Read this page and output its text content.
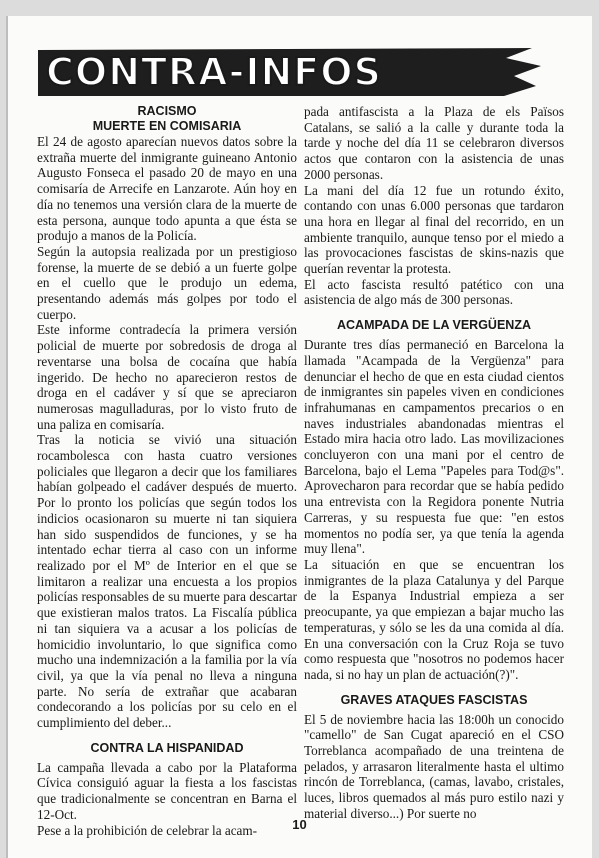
CONTRA-INFOS
RACISMO
MUERTE EN COMISARIA

El 24 de agosto aparecían nuevos datos sobre la extraña muerte del inmigrante guineano Antonio Augusto Fonseca el pasado 20 de mayo en una comisaría de Arrecife en Lanzarote. Aún hoy en día no tenemos una versión clara de la muerte de esta persona, aunque todo apunta a que ésta se produjo a manos de la Policía.

Según la autopsia realizada por un prestigioso forense, la muerte de se debió a un fuerte golpe en el cuello que le produjo un edema, presentando además más golpes por todo el cuerpo.

Este informe contradecía la primera versión policial de muerte por sobredosis de droga al reventarse una bolsa de cocaína que había ingerido. De hecho no aparecieron restos de droga en el cadáver y sí que se apreciaron numerosas magulladuras, por lo visto fruto de una paliza en comisaría.

Tras la noticia se vivió una situación rocambolesca con hasta cuatro versiones policiales que llegaron a decir que los familiares habían golpeado el cadáver después de muerto. Por lo pronto los policías que según todos los indicios ocasionaron su muerte ni tan siquiera han sido suspendidos de funciones, y se ha intentado echar tierra al caso con un informe realizado por el Mº de Interior en el que se limitaron a realizar una encuesta a los propios policías responsables de su muerte para descartar que existieran malos tratos. La Fiscalía pública ni tan siquiera va a acusar a los policías de homicidio involuntario, lo que significa como mucho una indemnización a la familia por la vía civil, ya que la vía penal no lleva a ninguna parte. No sería de extrañar que acabaran condecorando a los policías por su celo en el cumplimiento del deber...

CONTRA LA HISPANIDAD

La campaña llevada a cabo por la Plataforma Cívica consiguió aguar la fiesta a los fascistas que tradicionalmente se concentran en Barna el 12-Oct.

Pese a la prohibición de celebrar la acam-

pada antifascista a la Plaza de els Països Catalans, se salió a la calle y durante toda la tarde y noche del día 11 se celebraron diversos actos que contaron con la asistencia de unas 2000 personas.

La mani del día 12 fue un rotundo éxito, contando con unas 6.000 personas que tardaron una hora en llegar al final del recorrido, en un ambiente tranquilo, aunque tenso por el miedo a las provocaciones fascistas de skins-nazis que querían reventar la protesta.

El acto fascista resultó patético con una asistencia de algo más de 300 personas.

ACAMPADA DE LA VERGÜENZA

Durante tres días permaneció en Barcelona la llamada "Acampada de la Vergüenza" para denunciar el hecho de que en esta ciudad cientos de inmigrantes sin papeles viven en condiciones infrahumanas en campamentos precarios o en naves industriales abandonadas mientras el Estado mira hacia otro lado. Las movilizaciones concluyeron con una mani por el centro de Barcelona, bajo el Lema "Papeles para Tod@s". Aprovecharon para recordar que se había pedido una entrevista con la Regidora ponente Nutria Carreras, y su respuesta fue que: "en estos momentos no podía ser, ya que tenía la agenda muy llena".

La situación en que se encuentran los inmigrantes de la plaza Catalunya y del Parque de la Espanya Industrial empieza a ser preocupante, ya que empiezan a bajar mucho las temperaturas, y sólo se les da una comida al día. En una conversación con la Cruz Roja se tuvo como respuesta que "nosotros no podemos hacer nada, si no hay un plan de actuación(?)".

GRAVES ATAQUES FASCISTAS

El 5 de noviembre hacia las 18:00h un conocido "camello" de San Cugat apareció en el CSO Torreblanca acompañado de una treintena de pelados, y arrasaron literalmente hasta el ultimo rincón de Torreblanca, (camas, lavabo, cristales, luces, libros quemados al más puro estilo nazi y material diverso...) Por suerte no

10
